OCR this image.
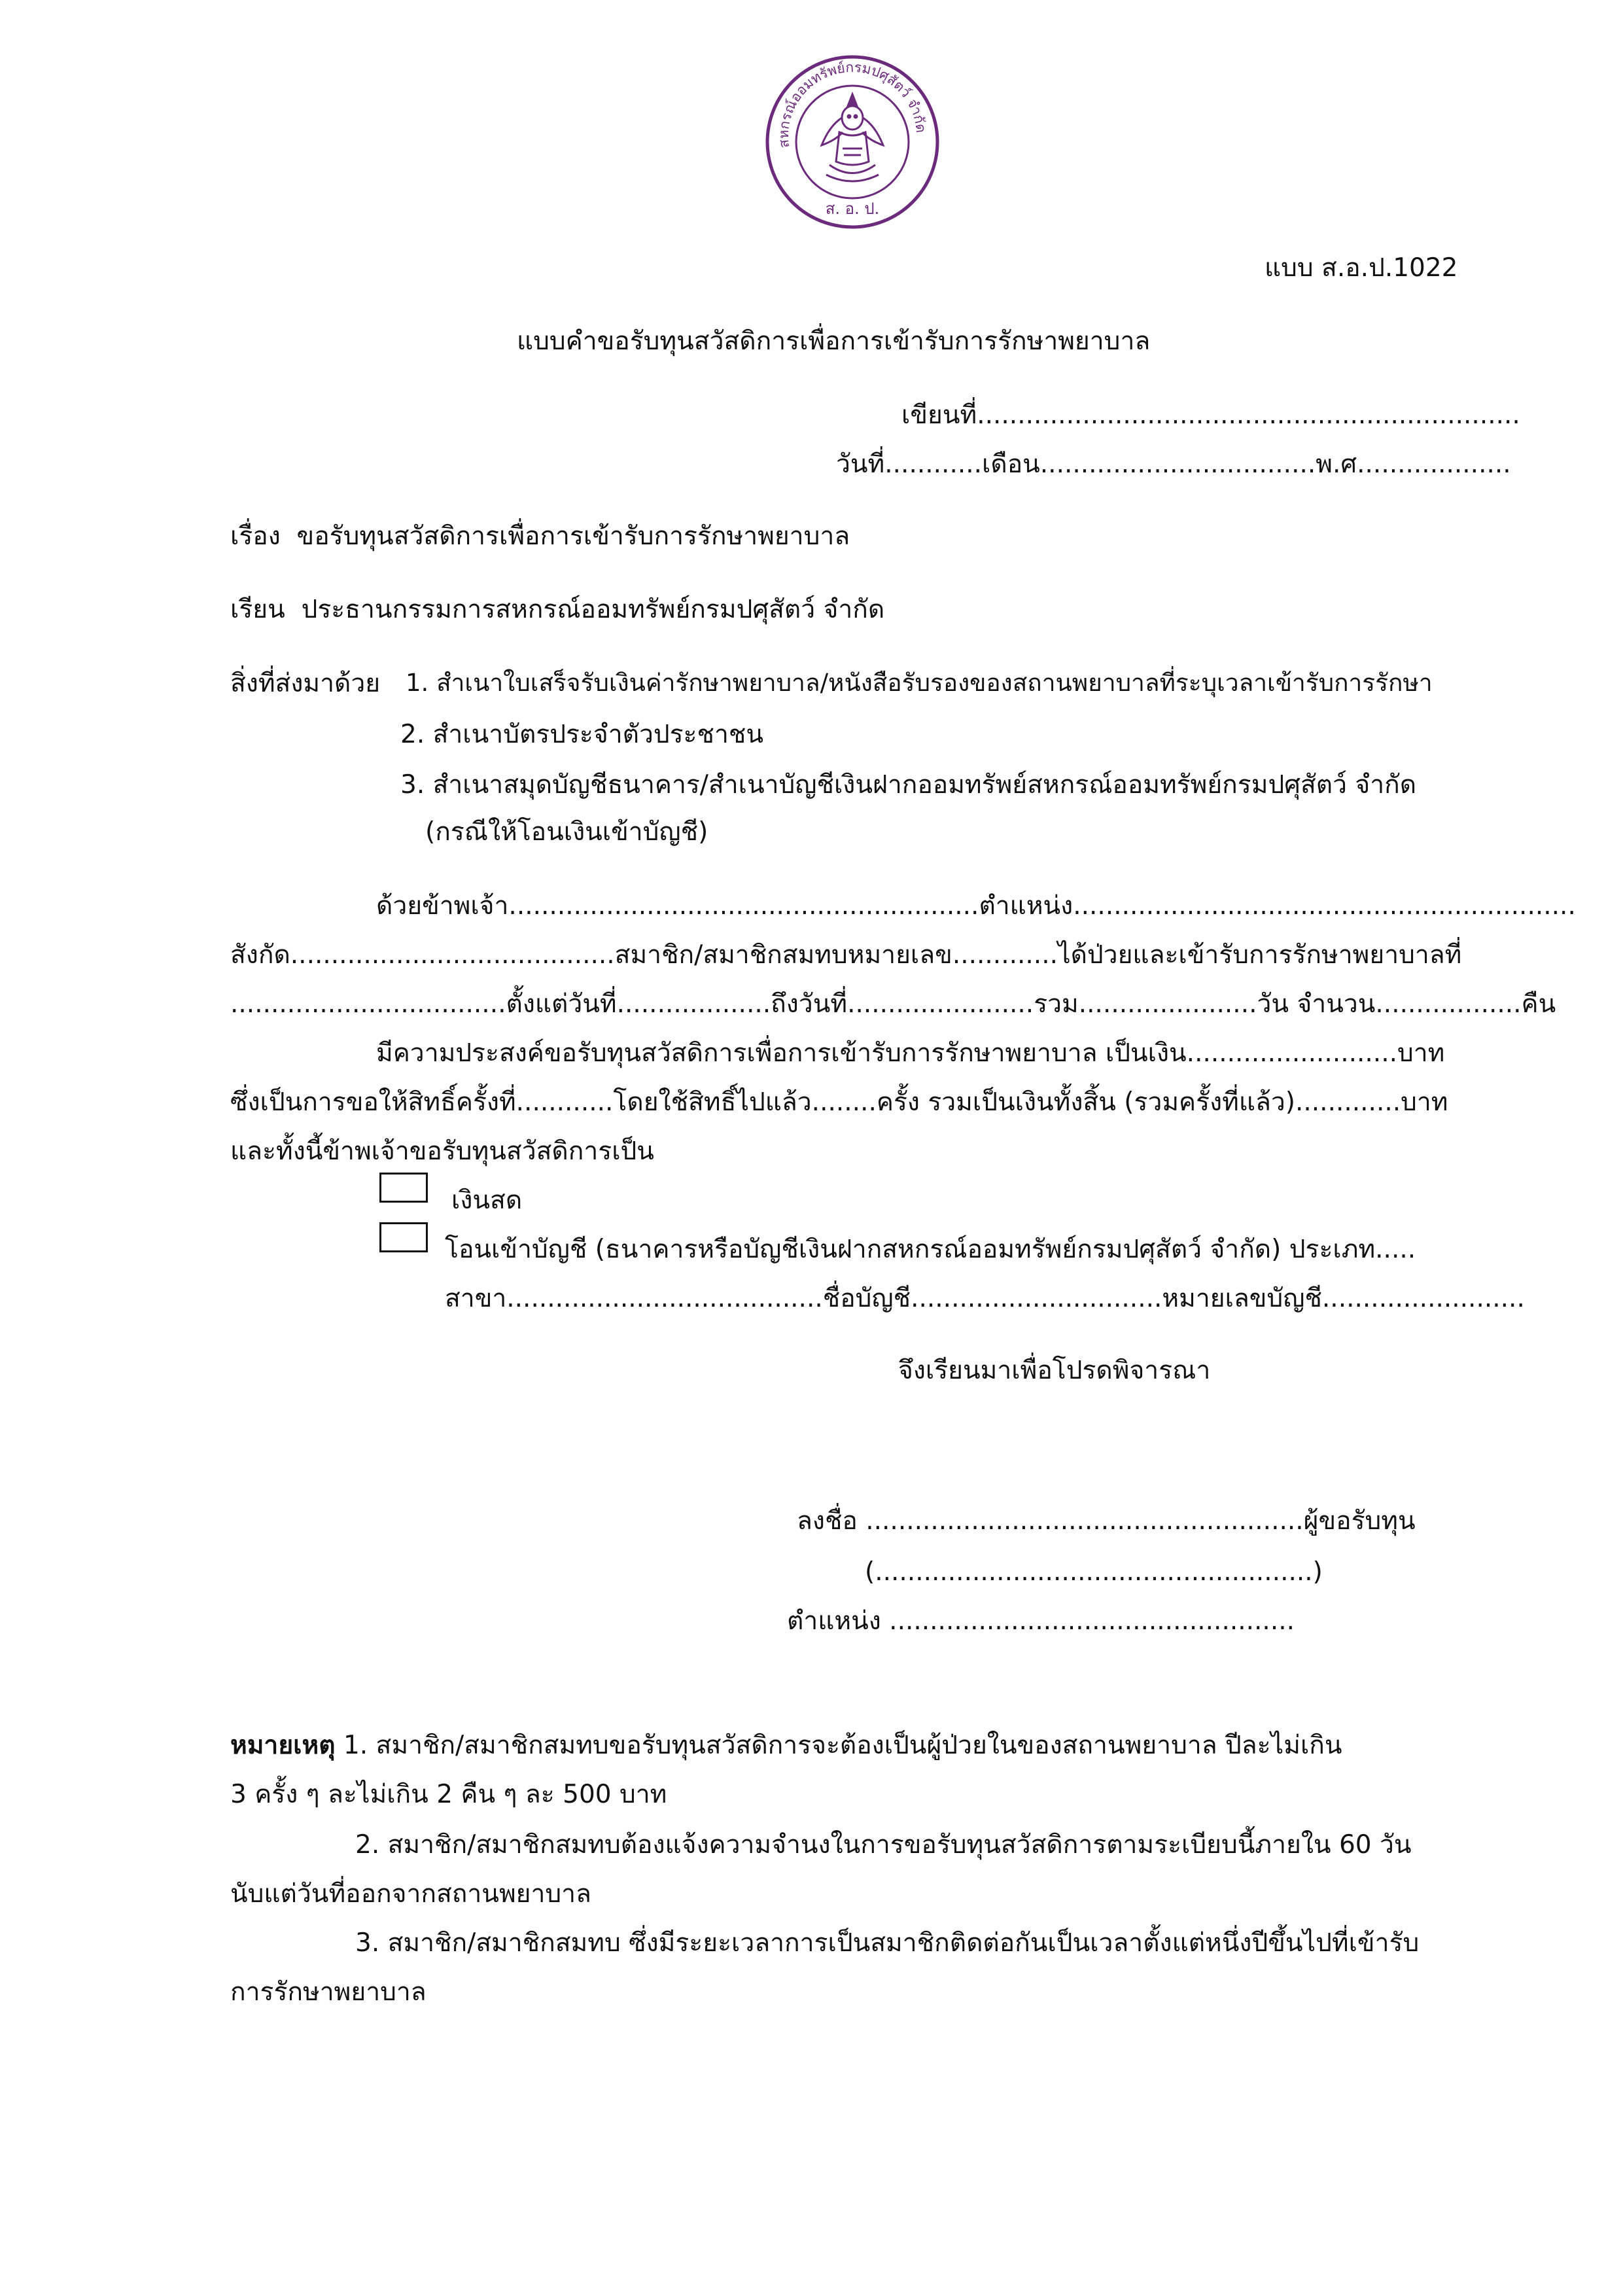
สหกรณ์ออมทรัพย์กรมปศุสัตว์ จำกัด
ส. อ. ป.
แบบ ส.อ.ป.1022
แบบคำขอรับทุนสวัสดิการเพื่อการเข้ารับการรักษาพยาบาล
เขียนที่...................................................................
วันที่............เดือน..................................พ.ศ...................
เรื่อง  ขอรับทุนสวัสดิการเพื่อการเข้ารับการรักษาพยาบาล
เรียน  ประธานกรรมการสหกรณ์ออมทรัพย์กรมปศุสัตว์ จำกัด
สิ่งที่ส่งมาด้วย 1. สำเนาใบเสร็จรับเงินค่ารักษาพยาบาล/หนังสือรับรองของสถานพยาบาลที่ระบุเวลาเข้ารับการรักษา
2. สำเนาบัตรประจำตัวประชาชน
3. สำเนาสมุดบัญชีธนาคาร/สำเนาบัญชีเงินฝากออมทรัพย์สหกรณ์ออมทรัพย์กรมปศุสัตว์ จำกัด
(กรณีให้โอนเงินเข้าบัญชี)
ด้วยข้าพเจ้า..........................................................ตำแหน่ง..............................................................
สังกัด........................................สมาชิก/สมาชิกสมทบหมายเลข.............ได้ป่วยและเข้ารับการรักษาพยาบาลที่
..................................ตั้งแต่วันที่...................ถึงวันที่.......................รวม......................วัน จำนวน..................คืน
มีความประสงค์ขอรับทุนสวัสดิการเพื่อการเข้ารับการรักษาพยาบาล เป็นเงิน..........................บาท
ซึ่งเป็นการขอให้สิทธิ์ครั้งที่............โดยใช้สิทธิ์ไปแล้ว........ครั้ง รวมเป็นเงินทั้งสิ้น (รวมครั้งที่แล้ว).............บาท
และทั้งนี้ข้าพเจ้าขอรับทุนสวัสดิการเป็น
เงินสด
โอนเข้าบัญชี (ธนาคารหรือบัญชีเงินฝากสหกรณ์ออมทรัพย์กรมปศุสัตว์ จำกัด) ประเภท.....
สาขา.......................................ชื่อบัญชี...............................หมายเลขบัญชี.........................
จึงเรียนมาเพื่อโปรดพิจารณา
ลงชื่อ ......................................................ผู้ขอรับทุน
(......................................................)
ตำแหน่ง ..................................................
หมายเหตุ 1. สมาชิก/สมาชิกสมทบขอรับทุนสวัสดิการจะต้องเป็นผู้ป่วยในของสถานพยาบาล ปีละไม่เกิน
3 ครั้ง ๆ ละไม่เกิน 2 คืน ๆ ละ 500 บาท
2. สมาชิก/สมาชิกสมทบต้องแจ้งความจำนงในการขอรับทุนสวัสดิการตามระเบียบนี้ภายใน 60 วัน
นับแต่วันที่ออกจากสถานพยาบาล
3. สมาชิก/สมาชิกสมทบ ซึ่งมีระยะเวลาการเป็นสมาชิกติดต่อกันเป็นเวลาตั้งแต่หนึ่งปีขึ้นไปที่เข้ารับ
การรักษาพยาบาล
